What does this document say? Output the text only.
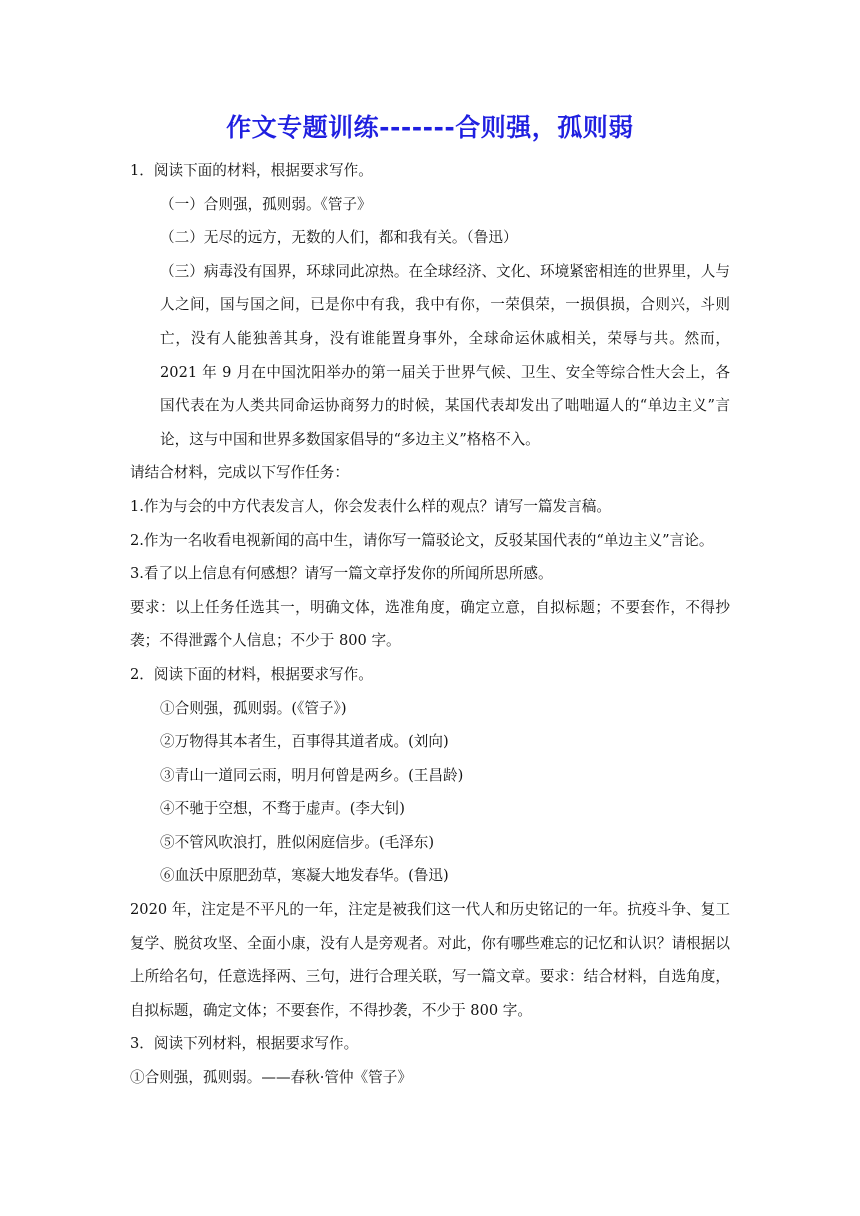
作文专题训练-------合则强，孤则弱

1．阅读下面的材料，根据要求写作。

（一）合则强，孤则弱。《管子》

（二）无尽的远方，无数的人们，都和我有关。（鲁迅）

（三）病毒没有国界，环球同此凉热。在全球经济、文化、环境紧密相连的世界里，人与人之间，国与国之间，已是你中有我，我中有你，一荣俱荣，一损俱损，合则兴，斗则亡，没有人能独善其身，没有谁能置身事外，全球命运休戚相关，荣辱与共。然而，2021 年 9 月在中国沈阳举办的第一届关于世界气候、卫生、安全等综合性大会上，各国代表在为人类共同命运协商努力的时候，某国代表却发出了咄咄逼人的“单边主义”言论，这与中国和世界多数国家倡导的“多边主义”格格不入。

请结合材料，完成以下写作任务：

1.作为与会的中方代表发言人，你会发表什么样的观点？请写一篇发言稿。

2.作为一名收看电视新闻的高中生，请你写一篇驳论文，反驳某国代表的“单边主义”言论。

3.看了以上信息有何感想？请写一篇文章抒发你的所闻所思所感。

要求：以上任务任选其一，明确文体，选准角度，确定立意，自拟标题；不要套作，不得抄袭；不得泄露个人信息；不少于 800 字。

2．阅读下面的材料，根据要求写作。

①合则强，孤则弱。(《管子》)

②万物得其本者生，百事得其道者成。(刘向)

③青山一道同云雨，明月何曾是两乡。(王昌龄)

④不驰于空想，不骛于虚声。(李大钊)

⑤不管风吹浪打，胜似闲庭信步。(毛泽东)

⑥血沃中原肥劲草，寒凝大地发春华。(鲁迅)

2020 年，注定是不平凡的一年，注定是被我们这一代人和历史铭记的一年。抗疫斗争、复工复学、脱贫攻坚、全面小康，没有人是旁观者。对此，你有哪些难忘的记忆和认识？请根据以上所给名句，任意选择两、三句，进行合理关联，写一篇文章。要求：结合材料，自选角度，自拟标题，确定文体；不要套作，不得抄袭，不少于 800 字。

3．阅读下列材料，根据要求写作。

①合则强，孤则弱。——春秋·管仲《管子》
